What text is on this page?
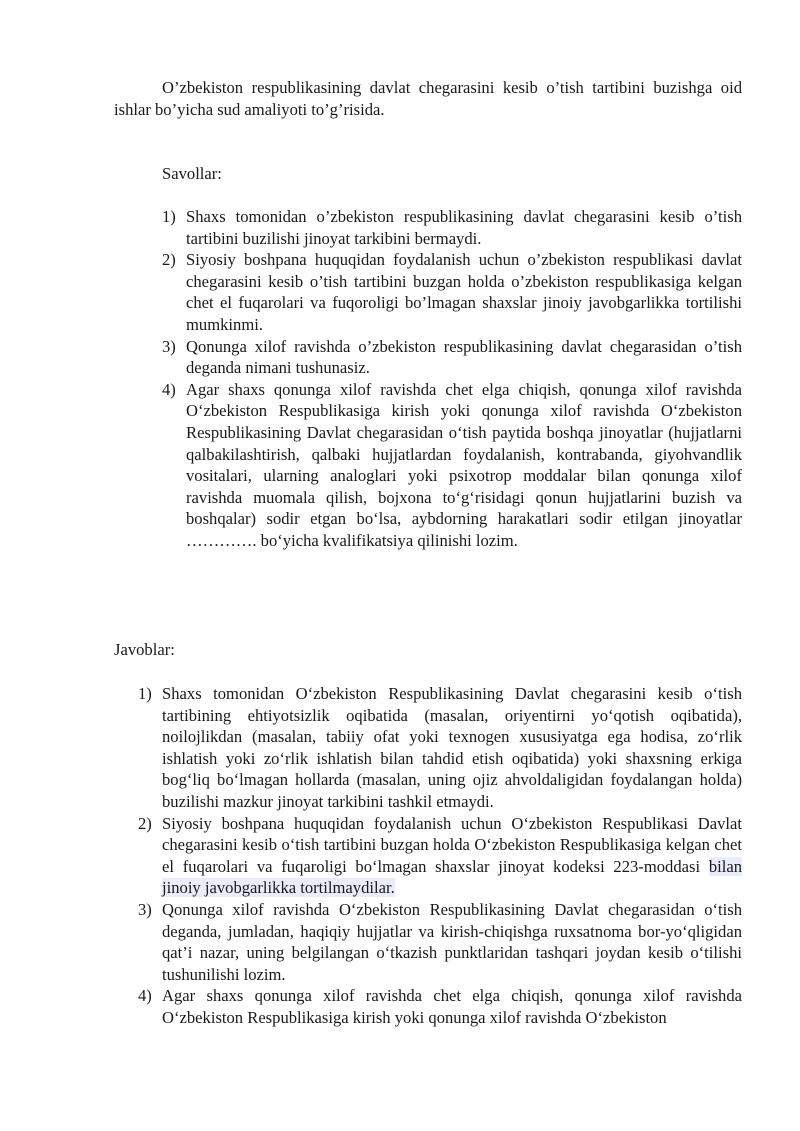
O’zbekiston respublikasining davlat chegarasini kesib o’tish tartibini buzishga oid ishlar bo’yicha sud amaliyoti to’g’risida.

Savollar:

1) Shaxs tomonidan o’zbekiston respublikasining davlat chegarasini kesib o’tish tartibini buzilishi jinoyat tarkibini bermaydi.
2) Siyosiy boshpana huquqidan foydalanish uchun o’zbekiston respublikasi davlat chegarasini kesib o’tish tartibini buzgan holda o’zbekiston respublikasiga kelgan chet el fuqarolari va fuqoroligi bo’lmagan shaxslar jinoiy javobgarlikka tortilishi mumkinmi.
3) Qonunga xilof ravishda o’zbekiston respublikasining davlat chegarasidan o’tish deganda nimani tushunasiz.
4) Agar shaxs qonunga xilof ravishda chet elga chiqish, qonunga xilof ravishda O‘zbekiston Respublikasiga kirish yoki qonunga xilof ravishda O‘zbekiston Respublikasining Davlat chegarasidan o‘tish paytida boshqa jinoyatlar (hujjatlarni qalbakilashtirish, qalbaki hujjatlardan foydalanish, kontrabanda, giyohvandlik vositalari, ularning analoglari yoki psixotrop moddalar bilan qonunga xilof ravishda muomala qilish, bojxona to‘g‘risidagi qonun hujjatlarini buzish va boshqalar) sodir etgan bo‘lsa, aybdorning harakatlari sodir etilgan jinoyatlar …………. bo‘yicha kvalifikatsiya qilinishi lozim.

Javoblar:

1) Shaxs tomonidan O‘zbekiston Respublikasining Davlat chegarasini kesib o‘tish tartibining ehtiyotsizlik oqibatida (masalan, oriyentirni yo‘qotish oqibatida), noilojlikdan (masalan, tabiiy ofat yoki texnogen xususiyatga ega hodisa, zo‘rlik ishlatish yoki zo‘rlik ishlatish bilan tahdid etish oqibatida) yoki shaxsning erkiga bog‘liq bo‘lmagan hollarda (masalan, uning ojiz ahvoldaligidan foydalangan holda) buzilishi mazkur jinoyat tarkibini tashkil etmaydi.
2) Siyosiy boshpana huquqidan foydalanish uchun O‘zbekiston Respublikasi Davlat chegarasini kesib o‘tish tartibini buzgan holda O‘zbekiston Respublikasiga kelgan chet el fuqarolari va fuqaroligi bo‘lmagan shaxslar jinoyat kodeksi 223-moddasi bilan jinoiy javobgarlikka tortilmaydilar.
3) Qonunga xilof ravishda O‘zbekiston Respublikasining Davlat chegarasidan o‘tish deganda, jumladan, haqiqiy hujjatlar va kirish-chiqishga ruxsatnoma bor-yo‘qligidan qat’i nazar, uning belgilangan o‘tkazish punktlaridan tashqari joydan kesib o‘tilishi tushunilishi lozim.
4) Agar shaxs qonunga xilof ravishda chet elga chiqish, qonunga xilof ravishda O‘zbekiston Respublikasiga kirish yoki qonunga xilof ravishda O‘zbekiston
